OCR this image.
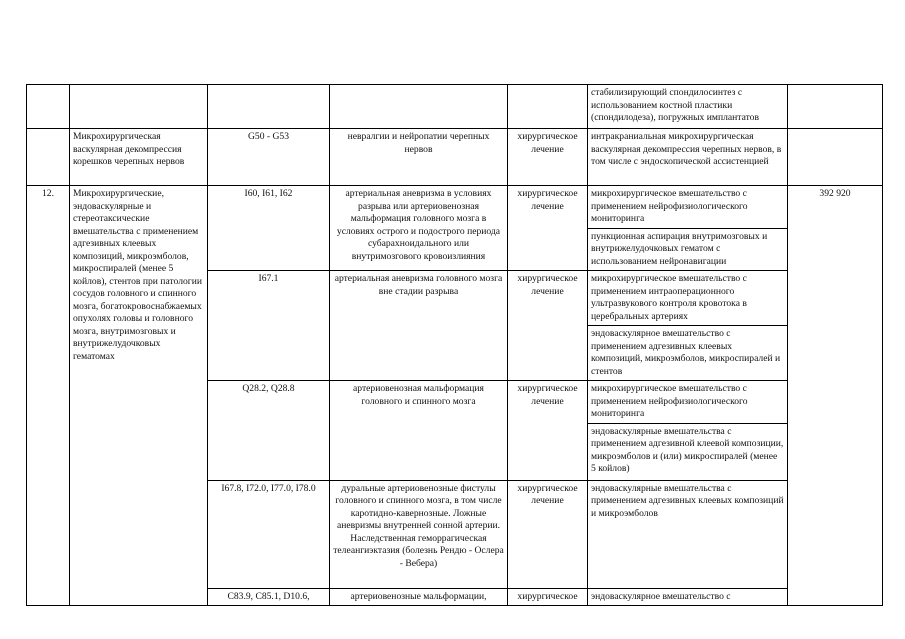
					стабилизирующий спондилосинтез с использованием костной пластики (спондилодеза), погружных имплантатов	
	Микрохирургическая васкулярная декомпрессия корешков черепных нервов	G50 - G53	невралгии и нейропатии черепных нервов	хирургическое лечение	интракраниальная микрохирургическая васкулярная декомпрессия черепных нервов, в том числе с эндоскопической ассистенцией	
12.	Микрохирургические, эндоваскулярные и стереотаксические вмешательства с применением адгезивных клеевых композиций, микроэмболов, микроспиралей (менее 5 койлов), стентов при патологии сосудов головного и спинного мозга, богатокровоснабжаемых опухолях головы и головного мозга, внутримозговых и внутрижелудочковых гематомах	I60, I61, I62	артериальная аневризма в условиях разрыва или артериовенозная мальформация головного мозга в условиях острого и подострого периода субарахноидального или внутримозгового кровоизлияния	хирургическое лечение	микрохирургическое вмешательство с применением нейрофизиологического мониторинга	392 920
					пункционная аспирация внутримозговых и внутрижелудочковых гематом с использованием нейронавигации	
		I67.1	артериальная аневризма головного мозга вне стадии разрыва	хирургическое лечение	микрохирургическое вмешательство с применением интраоперационного ультразвукового контроля кровотока в церебральных артериях	
					эндоваскулярное вмешательство с применением адгезивных клеевых композиций, микроэмболов, микроспиралей и стентов	
		Q28.2, Q28.8	артериовенозная мальформация головного и спинного мозга	хирургическое лечение	микрохирургическое вмешательство с применением нейрофизиологического мониторинга	
					эндоваскулярные вмешательства с применением адгезивной клеевой композиции, микроэмболов и (или) микроспиралей (менее 5 койлов)	
		I67.8, I72.0, I77.0, I78.0	дуральные артериовенозные фистулы головного и спинного мозга, в том числе каротидно-кавернозные. Ложные аневризмы внутренней сонной артерии. Наследственная геморрагическая телеангиэктазия (болезнь Рендю - Ослера - Вебера)	хирургическое лечение	эндоваскулярные вмешательства с применением адгезивных клеевых композиций и микроэмболов	
		C83.9, C85.1, D10.6,	артериовенозные мальформации,	хирургическое	эндоваскулярное вмешательство с	
